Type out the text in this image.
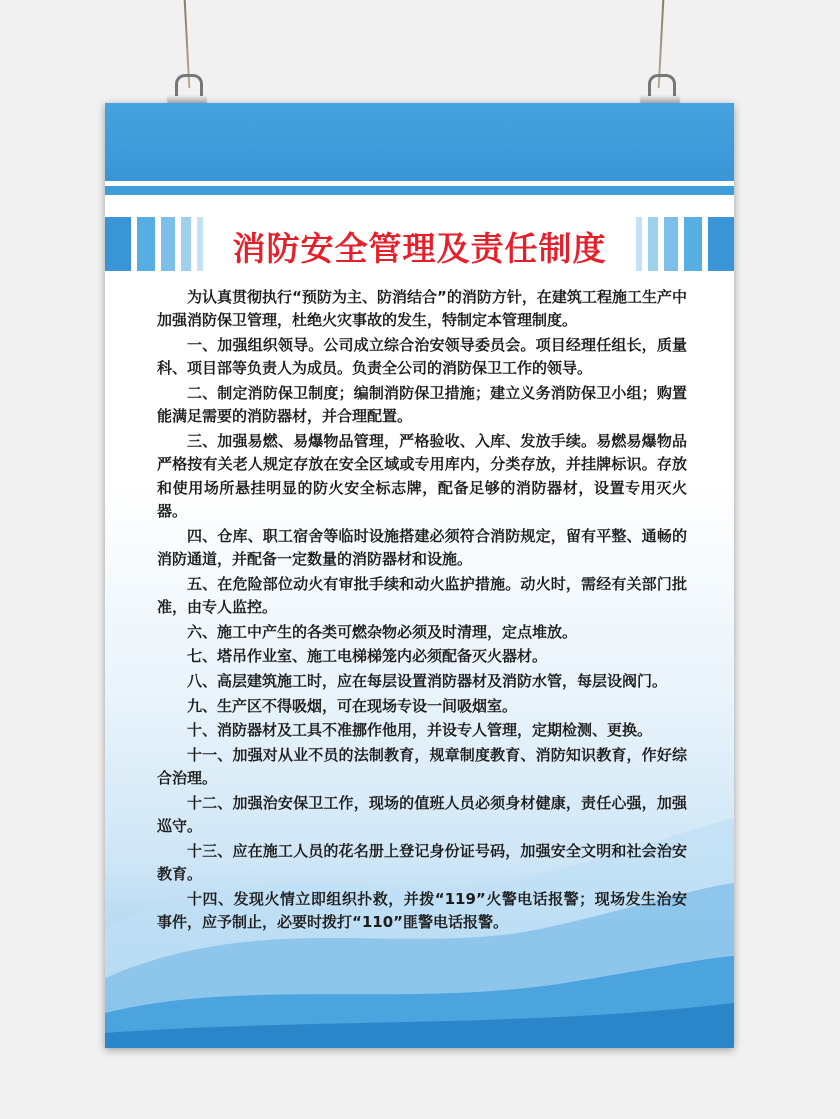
消防安全管理及责任制度

为认真贯彻执行“预防为主、防消结合”的消防方针，在建筑工程施工生产中加强消防保卫管理，杜绝火灾事故的发生，特制定本管理制度。

一、加强组织领导。公司成立综合治安领导委员会。项目经理任组长，质量科、项目部等负责人为成员。负责全公司的消防保卫工作的领导。

二、制定消防保卫制度；编制消防保卫措施；建立义务消防保卫小组；购置能满足需要的消防器材，并合理配置。

三、加强易燃、易爆物品管理，严格验收、入库、发放手续。易燃易爆物品严格按有关老人规定存放在安全区域或专用库内，分类存放，并挂牌标识。存放和使用场所悬挂明显的防火安全标志牌，配备足够的消防器材，设置专用灭火器。

四、仓库、职工宿舍等临时设施搭建必须符合消防规定，留有平整、通畅的消防通道，并配备一定数量的消防器材和设施。

五、在危险部位动火有审批手续和动火监护措施。动火时，需经有关部门批准，由专人监控。

六、施工中产生的各类可燃杂物必须及时清理，定点堆放。

七、塔吊作业室、施工电梯梯笼内必须配备灭火器材。

八、高层建筑施工时，应在每层设置消防器材及消防水管，每层设阀门。

九、生产区不得吸烟，可在现场专设一间吸烟室。

十、消防器材及工具不准挪作他用，并设专人管理，定期检测、更换。

十一、加强对从业不员的法制教育，规章制度教育、消防知识教育，作好综合治理。

十二、加强治安保卫工作，现场的值班人员必须身材健康，责任心强，加强巡守。

十三、应在施工人员的花名册上登记身份证号码，加强安全文明和社会治安教育。

十四、发现火情立即组织扑救，并拨“119”火警电话报警；现场发生治安事件，应予制止，必要时拨打“110”匪警电话报警。
